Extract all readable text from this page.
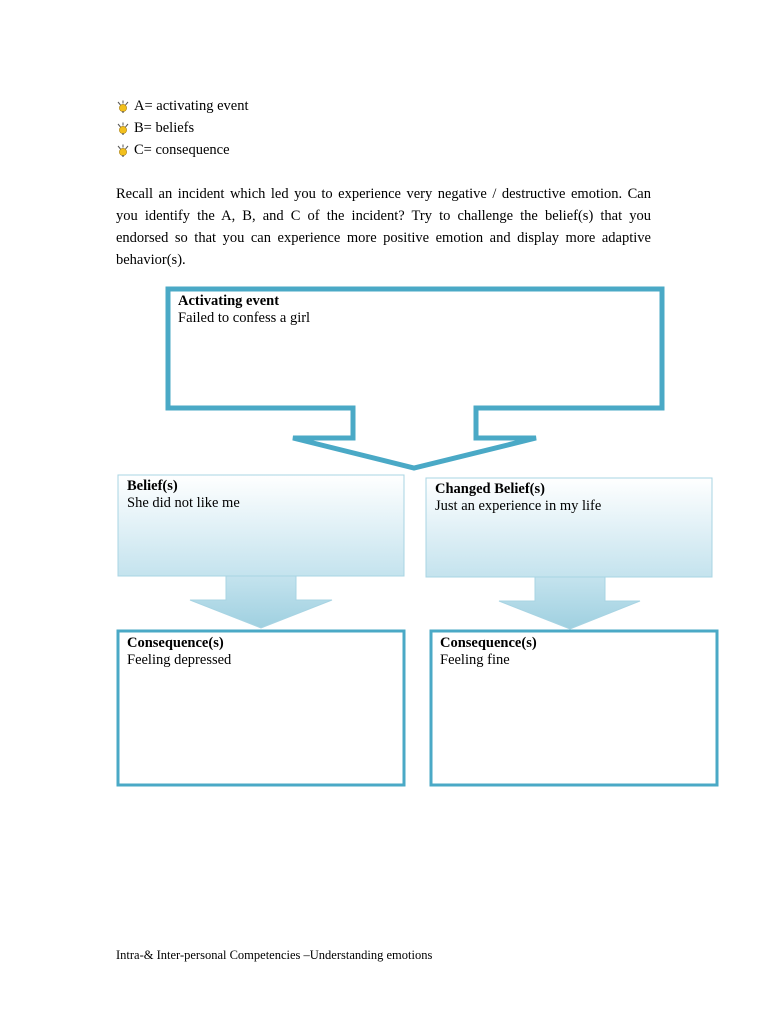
A= activating event
B= beliefs
C= consequence

Recall an incident which led you to experience very negative / destructive emotion. Can you identify the A, B, and C of the incident? Try to challenge the belief(s) that you endorsed so that you can experience more positive emotion and display more adaptive behavior(s).

Activating event
Failed to confess a girl
Belief(s)
She did not like me
Changed Belief(s)
Just an experience in my life
Consequence(s)
Feeling depressed
Consequence(s)
Feeling fine
Intra-& Inter-personal Competencies –Understanding emotions
